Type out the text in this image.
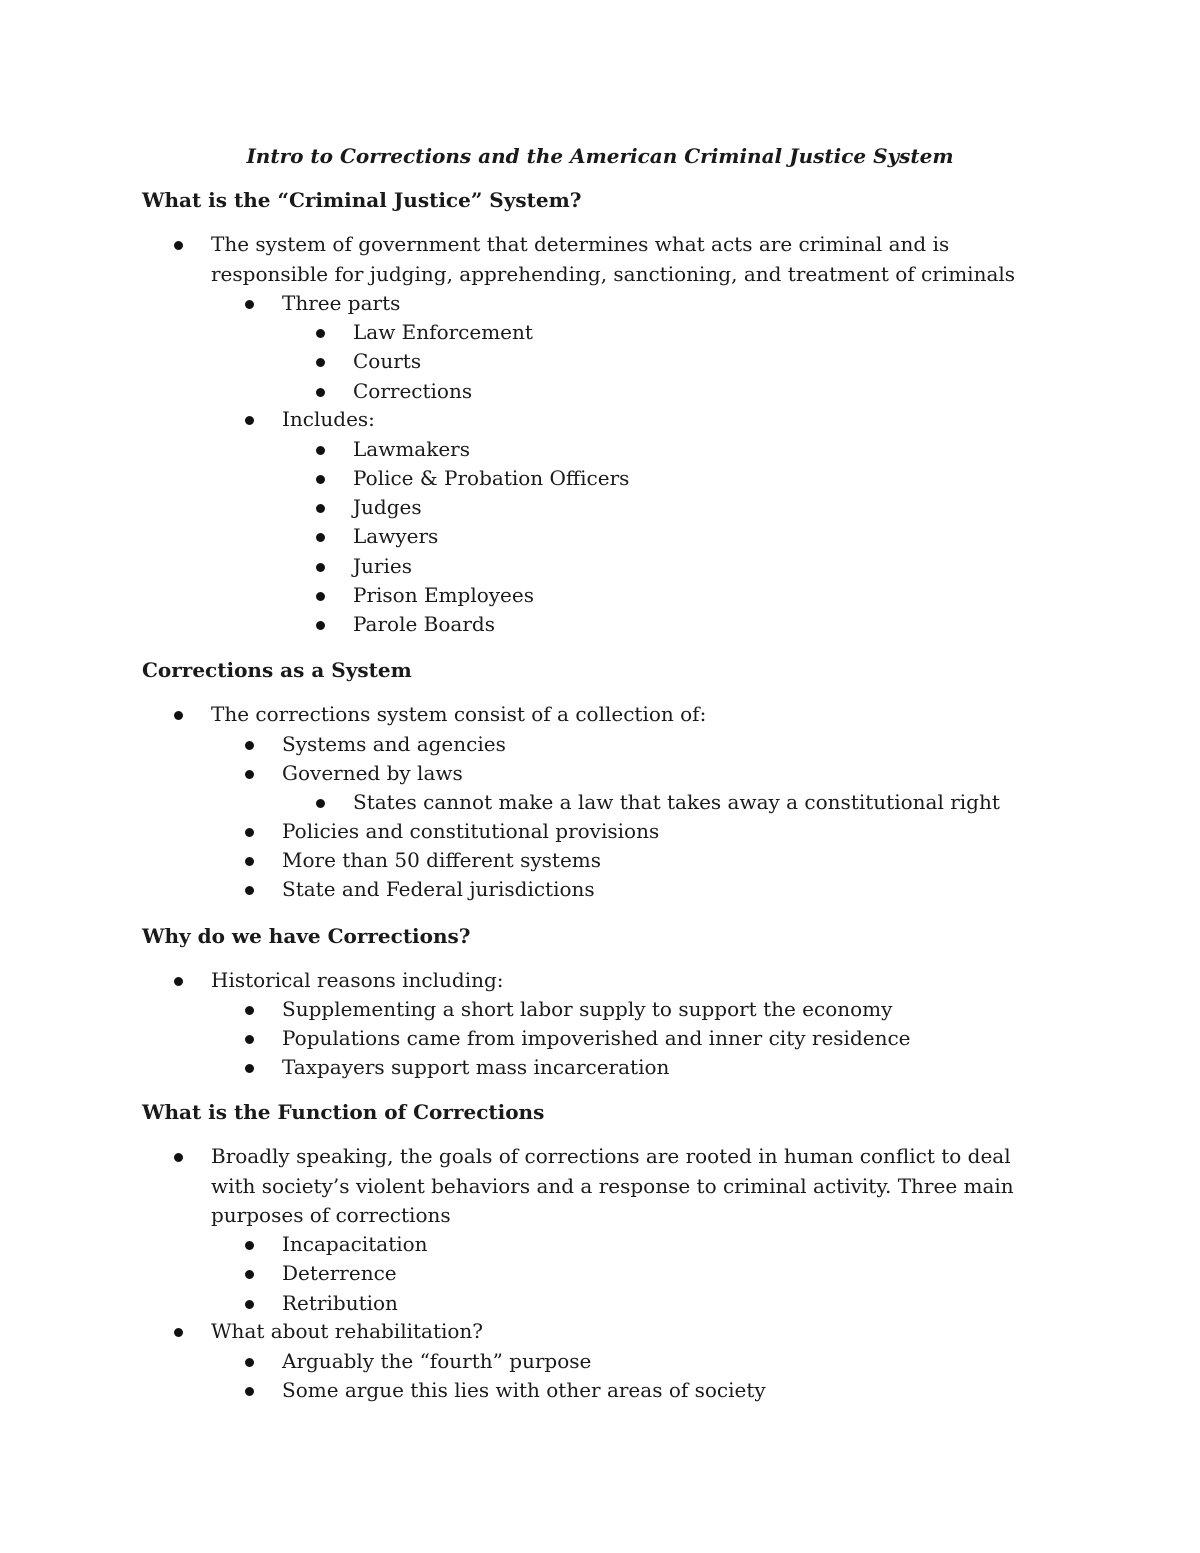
Intro to Corrections and the American Criminal Justice System
What is the “Criminal Justice” System?
The system of government that determines what acts are criminal and is responsible for judging, apprehending, sanctioning, and treatment of criminals
Three parts
Law Enforcement
Courts
Corrections
Includes:
Lawmakers
Police & Probation Officers
Judges
Lawyers
Juries
Prison Employees
Parole Boards
Corrections as a System
The corrections system consist of a collection of:
Systems and agencies
Governed by laws
States cannot make a law that takes away a constitutional right
Policies and constitutional provisions
More than 50 different systems
State and Federal jurisdictions
Why do we have Corrections?
Historical reasons including:
Supplementing a short labor supply to support the economy
Populations came from impoverished and inner city residence
Taxpayers support mass incarceration
What is the Function of Corrections
Broadly speaking, the goals of corrections are rooted in human conflict to deal with society’s violent behaviors and a response to criminal activity. Three main purposes of corrections
Incapacitation
Deterrence
Retribution
What about rehabilitation?
Arguably the “fourth” purpose
Some argue this lies with other areas of society
